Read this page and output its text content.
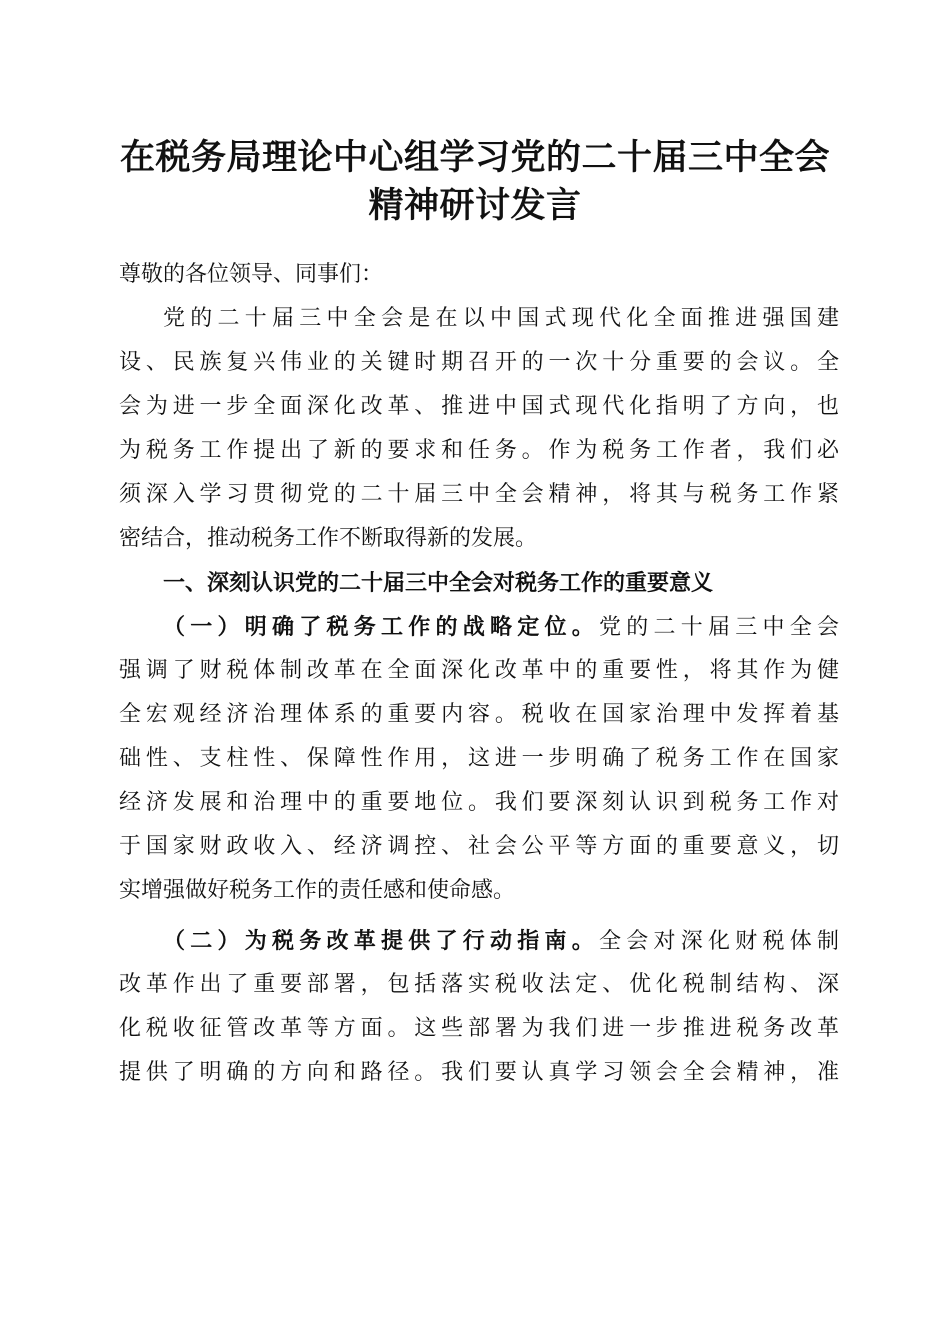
在税务局理论中心组学习党的二十届三中全会
精神研讨发言
尊敬的各位领导、同事们：
党的二十届三中全会是在以中国式现代化全面推进强国建
设、民族复兴伟业的关键时期召开的一次十分重要的会议。全
会为进一步全面深化改革、推进中国式现代化指明了方向，也
为税务工作提出了新的要求和任务。作为税务工作者，我们必
须深入学习贯彻党的二十届三中全会精神，将其与税务工作紧
密结合，推动税务工作不断取得新的发展。
一、深刻认识党的二十届三中全会对税务工作的重要意义
（一）明确了税务工作的战略定位。党的二十届三中全会
强调了财税体制改革在全面深化改革中的重要性，将其作为健
全宏观经济治理体系的重要内容。税收在国家治理中发挥着基
础性、支柱性、保障性作用，这进一步明确了税务工作在国家
经济发展和治理中的重要地位。我们要深刻认识到税务工作对
于国家财政收入、经济调控、社会公平等方面的重要意义，切
实增强做好税务工作的责任感和使命感。
（二）为税务改革提供了行动指南。全会对深化财税体制
改革作出了重要部署，包括落实税收法定、优化税制结构、深
化税收征管改革等方面。这些部署为我们进一步推进税务改革
提供了明确的方向和路径。我们要认真学习领会全会精神，准
